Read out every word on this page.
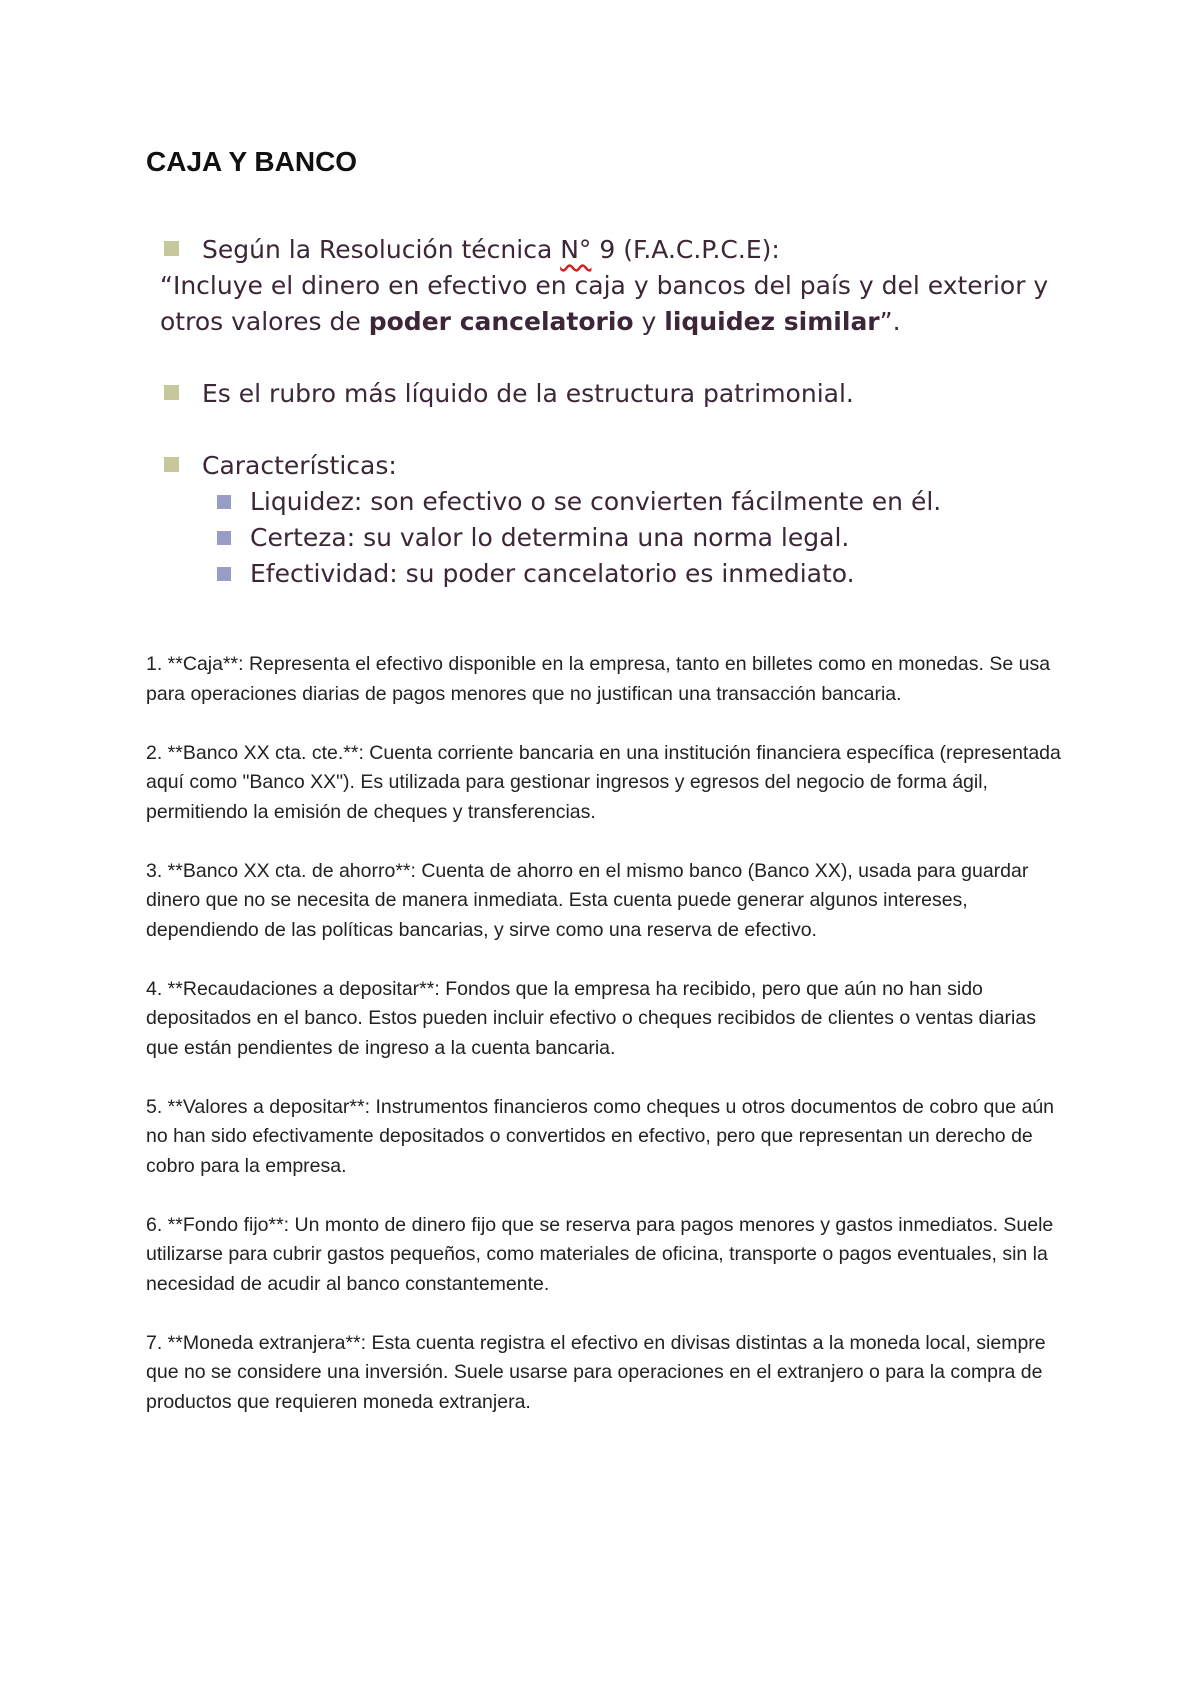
CAJA Y BANCO
Según la Resolución técnica N° 9 (F.A.C.P.C.E):

“Incluye el dinero en efectivo en caja y bancos del país y del exterior y
otros valores de poder cancelatorio y liquidez similar”.

Es el rubro más líquido de la estructura patrimonial.
Características:
Liquidez: son efectivo o se convierten fácilmente en él.
Certeza: su valor lo determina una norma legal.
Efectividad: su poder cancelatorio es inmediato.

1. **Caja**: Representa el efectivo disponible en la empresa, tanto en billetes como en monedas. Se usa para operaciones diarias de pagos menores que no justifican una transacción bancaria.

2. **Banco XX cta. cte.**: Cuenta corriente bancaria en una institución financiera específica (representada aquí como "Banco XX"). Es utilizada para gestionar ingresos y egresos del negocio de forma ágil, permitiendo la emisión de cheques y transferencias.

3. **Banco XX cta. de ahorro**: Cuenta de ahorro en el mismo banco (Banco XX), usada para guardar dinero que no se necesita de manera inmediata. Esta cuenta puede generar algunos intereses, dependiendo de las políticas bancarias, y sirve como una reserva de efectivo.

4. **Recaudaciones a depositar**: Fondos que la empresa ha recibido, pero que aún no han sido depositados en el banco. Estos pueden incluir efectivo o cheques recibidos de clientes o ventas diarias que están pendientes de ingreso a la cuenta bancaria.

5. **Valores a depositar**: Instrumentos financieros como cheques u otros documentos de cobro que aún no han sido efectivamente depositados o convertidos en efectivo, pero que representan un derecho de cobro para la empresa.

6. **Fondo fijo**: Un monto de dinero fijo que se reserva para pagos menores y gastos inmediatos. Suele utilizarse para cubrir gastos pequeños, como materiales de oficina, transporte o pagos eventuales, sin la necesidad de acudir al banco constantemente.

7. **Moneda extranjera**: Esta cuenta registra el efectivo en divisas distintas a la moneda local, siempre que no se considere una inversión. Suele usarse para operaciones en el extranjero o para la compra de productos que requieren moneda extranjera.
